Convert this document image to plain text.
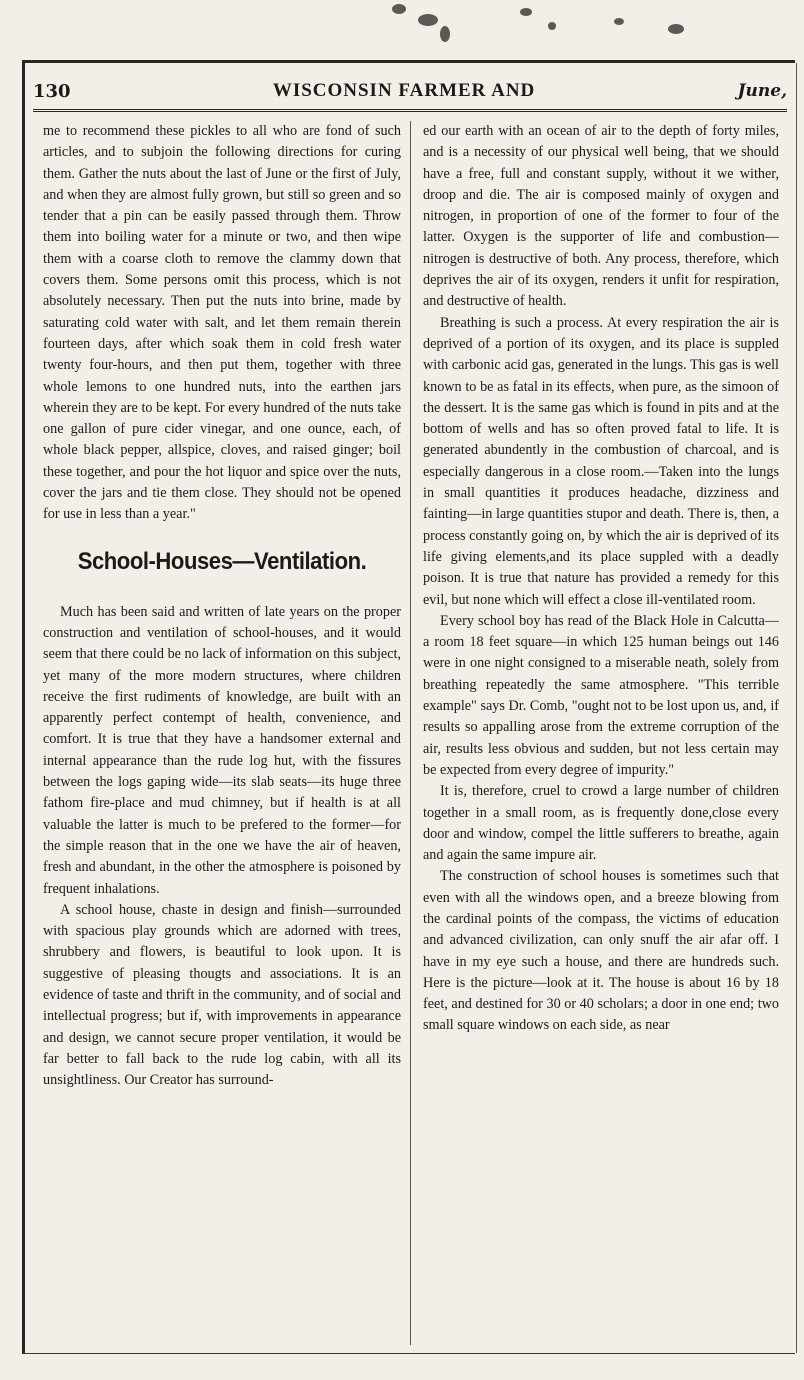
130	WISCONSIN FARMER AND	June,

me to recommend these pickles to all who are fond of such articles, and to subjoin the following directions for curing them. Gather the nuts about the last of June or the first of July, and when they are almost fully grown, but still so green and so tender that a pin can be easily passed through them. Throw them into boiling water for a minute or two, and then wipe them with a coarse cloth to remove the clammy down that covers them. Some persons omit this process, which is not absolutely necessary. Then put the nuts into brine, made by saturating cold water with salt, and let them remain therein fourteen days, after which soak them in cold fresh water twenty four-hours, and then put them, together with three whole lemons to one hundred nuts, into the earthen jars wherein they are to be kept. For every hundred of the nuts take one gallon of pure cider vinegar, and one ounce, each, of whole black pepper, allspice, cloves, and raised ginger; boil these together, and pour the hot liquor and spice over the nuts, cover the jars and tie them close. They should not be opened for use in less than a year."

School-Houses—Ventilation.

Much has been said and written of late years on the proper construction and ventilation of school-houses, and it would seem that there could be no lack of information on this subject, yet many of the more modern structures, where children receive the first rudiments of knowledge, are built with an apparently perfect contempt of health, convenience, and comfort. It is true that they have a handsomer external and internal appearance than the rude log hut, with the fissures between the logs gaping wide—its slab seats—its huge three fathom fire-place and mud chimney, but if health is at all valuable the latter is much to be prefered to the former—for the simple reason that in the one we have the air of heaven, fresh and abundant, in the other the atmosphere is poisoned by frequent inhalations.

A school house, chaste in design and finish—surrounded with spacious play grounds which are adorned with trees, shrubbery and flowers, is beautiful to look upon. It is suggestive of pleasing thougts and associations. It is an evidence of taste and thrift in the community, and of social and intellectual progress; but if, with improvements in appearance and design, we cannot secure proper ventilation, it would be far better to fall back to the rude log cabin, with all its unsightliness. Our Creator has surround-

ed our earth with an ocean of air to the depth of forty miles, and is a necessity of our physical well being, that we should have a free, full and constant supply, without it we wither, droop and die. The air is composed mainly of oxygen and nitrogen, in proportion of one of the former to four of the latter. Oxygen is the supporter of life and combustion—nitrogen is destructive of both. Any process, therefore, which deprives the air of its oxygen, renders it unfit for respiration, and destructive of health.

Breathing is such a process. At every respiration the air is deprived of a portion of its oxygen, and its place is suppled with carbonic acid gas, generated in the lungs. This gas is well known to be as fatal in its effects, when pure, as the simoon of the dessert. It is the same gas which is found in pits and at the bottom of wells and has so often proved fatal to life. It is generated abundently in the combustion of charcoal, and is especially dangerous in a close room.—Taken into the lungs in small quantities it produces headache, dizziness and fainting—in large quantities stupor and death. There is, then, a process constantly going on, by which the air is deprived of its life giving elements,and its place suppled with a deadly poison. It is true that nature has provided a remedy for this evil, but none which will effect a close ill-ventilated room.

Every school boy has read of the Black Hole in Calcutta—a room 18 feet square—in which 125 human beings out 146 were in one night consigned to a miserable neath, solely from breathing repeatedly the same atmosphere. "This terrible example" says Dr. Comb, "ought not to be lost upon us, and, if results so appalling arose from the extreme corruption of the air, results less obvious and sudden, but not less certain may be expected from every degree of impurity."

It is, therefore, cruel to crowd a large number of children together in a small room, as is frequently done,close every door and window, compel the little sufferers to breathe, again and again the same impure air.

The construction of school houses is sometimes such that even with all the windows open, and a breeze blowing from the cardinal points of the compass, the victims of education and advanced civilization, can only snuff the air afar off. I have in my eye such a house, and there are hundreds such. Here is the picture—look at it. The house is about 16 by 18 feet, and destined for 30 or 40 scholars; a door in one end; two small square windows on each side, as near
